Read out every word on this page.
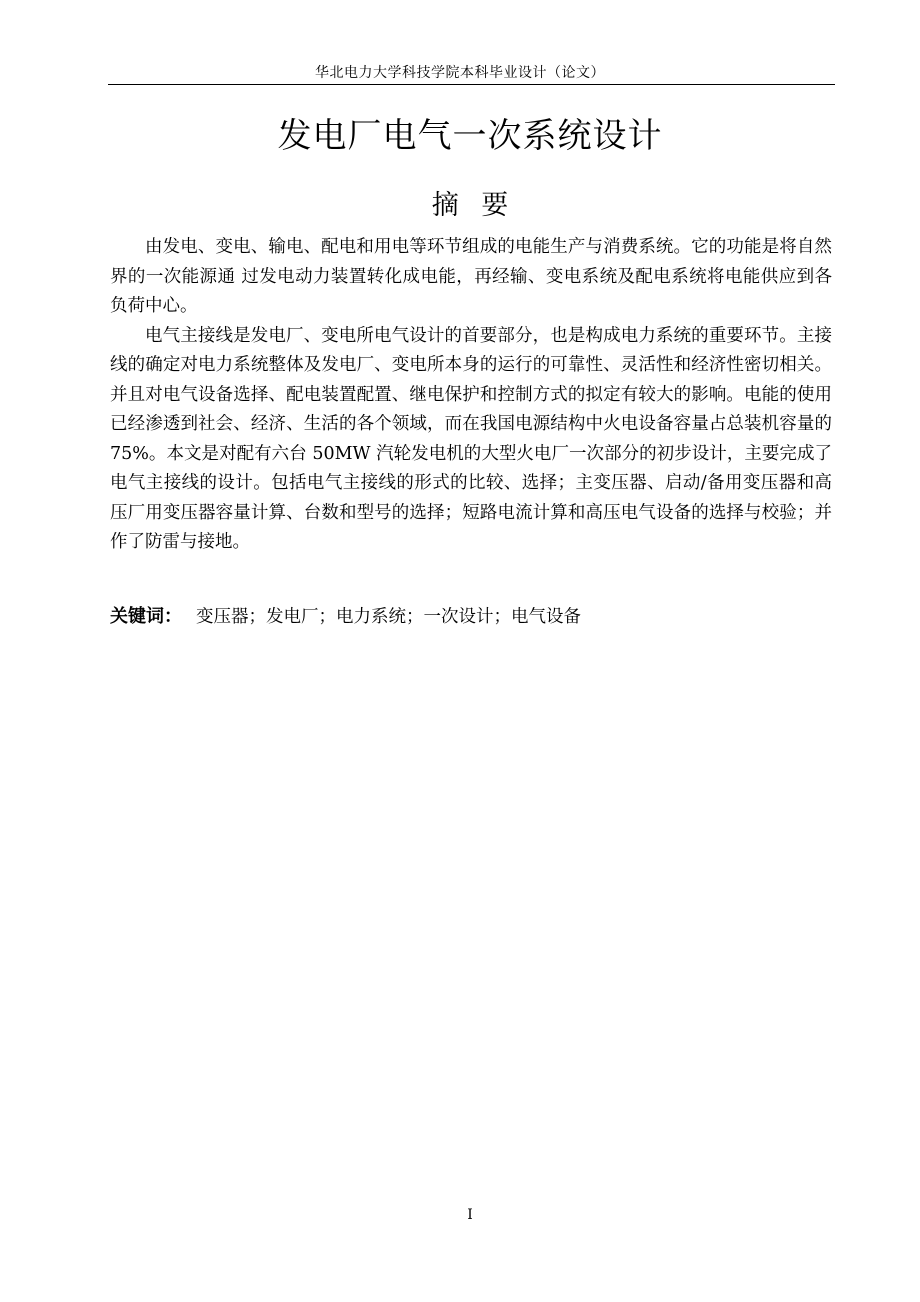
华北电力大学科技学院本科毕业设计（论文）
发电厂电气一次系统设计
摘 要

由发电、变电、输电、配电和用电等环节组成的电能生产与消费系统。它的功能是将自然界的一次能源通 过发电动力装置转化成电能，再经输、变电系统及配电系统将电能供应到各负荷中心。

电气主接线是发电厂、变电所电气设计的首要部分，也是构成电力系统的重要环节。主接线的确定对电力系统整体及发电厂、变电所本身的运行的可靠性、灵活性和经济性密切相关。并且对电气设备选择、配电装置配置、继电保护和控制方式的拟定有较大的影响。电能的使用已经渗透到社会、经济、生活的各个领域，而在我国电源结构中火电设备容量占总装机容量的 75%。本文是对配有六台 50MW 汽轮发电机的大型火电厂一次部分的初步设计，主要完成了电气主接线的设计。包括电气主接线的形式的比较、选择；主变压器、启动/备用变压器和高压厂用变压器容量计算、台数和型号的选择；短路电流计算和高压电气设备的选择与校验；并作了防雷与接地。

关键词： 变压器；发电厂；电力系统；一次设计；电气设备
I
